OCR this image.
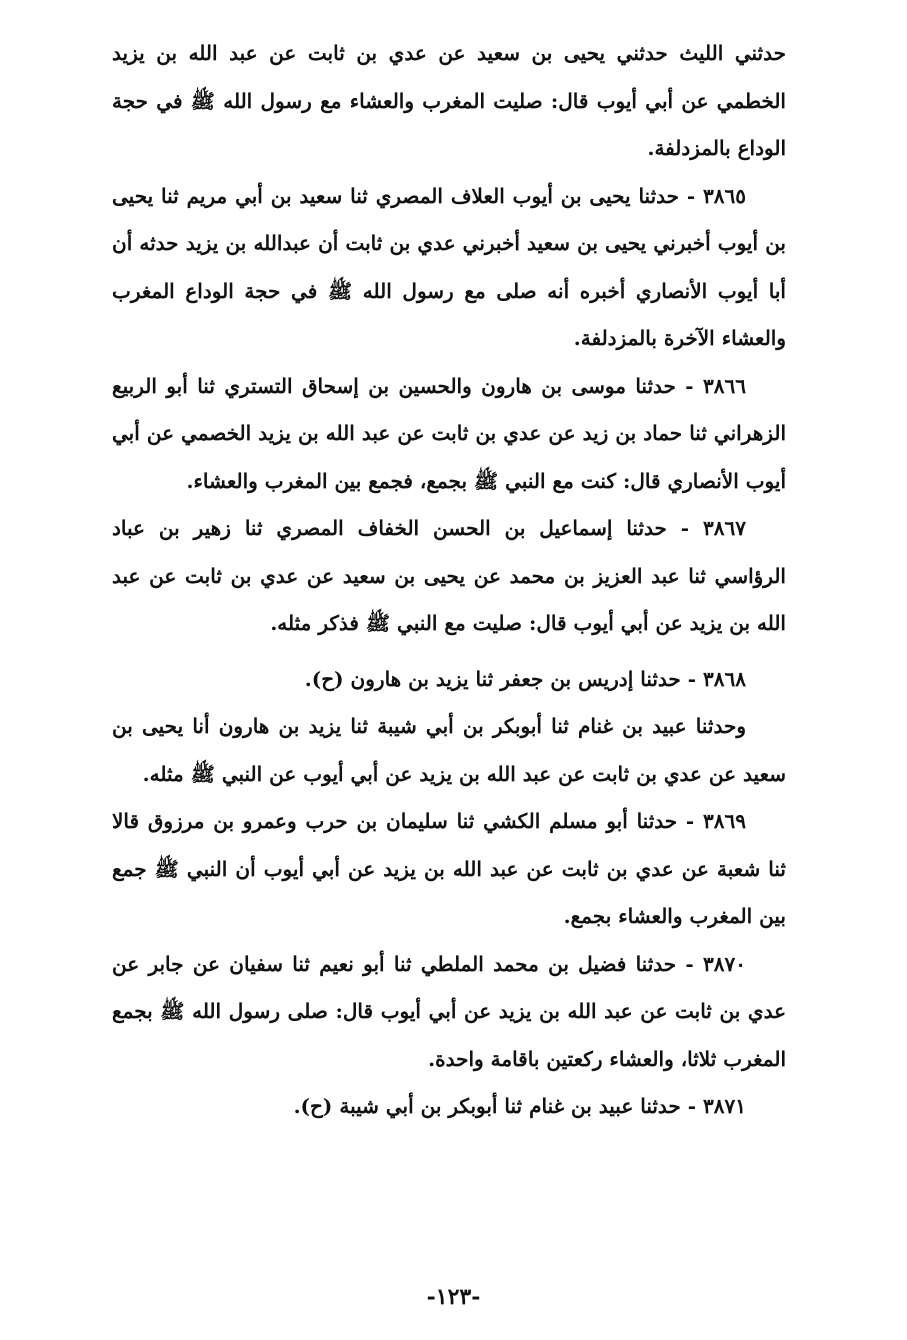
حدثني الليث حدثني يحيى بن سعيد عن عدي بن ثابت عن عبد الله بن يزيد الخطمي عن أبي أيوب قال: صليت المغرب والعشاء مع رسول الله ﷺ في حجة الوداع بالمزدلفة.

٣٨٦٥ - حدثنا يحيى بن أيوب العلاف المصري ثنا سعيد بن أبي مريم ثنا يحيى بن أيوب أخبرني يحيى بن سعيد أخبرني عدي بن ثابت أن عبدالله بن يزيد حدثه أن أبا أيوب الأنصاري أخبره أنه صلى مع رسول الله ﷺ في حجة الوداع المغرب والعشاء الآخرة بالمزدلفة.

٣٨٦٦ - حدثنا موسى بن هارون والحسين بن إسحاق التستري ثنا أبو الربيع الزهراني ثنا حماد بن زيد عن عدي بن ثابت عن عبد الله بن يزيد الخصمي عن أبي أيوب الأنصاري قال: كنت مع النبي ﷺ بجمع، فجمع بين المغرب والعشاء.

٣٨٦٧ - حدثنا إسماعيل بن الحسن الخفاف المصري ثنا زهير بن عباد الرؤاسي ثنا عبد العزيز بن محمد عن يحيى بن سعيد عن عدي بن ثابت عن عبد الله بن يزيد عن أبي أيوب قال: صليت مع النبي ﷺ فذكر مثله.

٣٨٦٨ - حدثنا إدريس بن جعفر ثنا يزيد بن هارون (ح).

وحدثنا عبيد بن غنام ثنا أبوبكر بن أبي شيبة ثنا يزيد بن هارون أنا يحيى بن سعيد عن عدي بن ثابت عن عبد الله بن يزيد عن أبي أيوب عن النبي ﷺ مثله.

٣٨٦٩ - حدثنا أبو مسلم الكشي ثنا سليمان بن حرب وعمرو بن مرزوق قالا ثنا شعبة عن عدي بن ثابت عن عبد الله بن يزيد عن أبي أيوب أن النبي ﷺ جمع بين المغرب والعشاء بجمع.

٣٨٧٠ - حدثنا فضيل بن محمد الملطي ثنا أبو نعيم ثنا سفيان عن جابر عن عدي بن ثابت عن عبد الله بن يزيد عن أبي أيوب قال: صلى رسول الله ﷺ بجمع المغرب ثلاثا، والعشاء ركعتين باقامة واحدة.

٣٨٧١ - حدثنا عبيد بن غنام ثنا أبوبكر بن أبي شيبة (ح).

-١٢٣-
